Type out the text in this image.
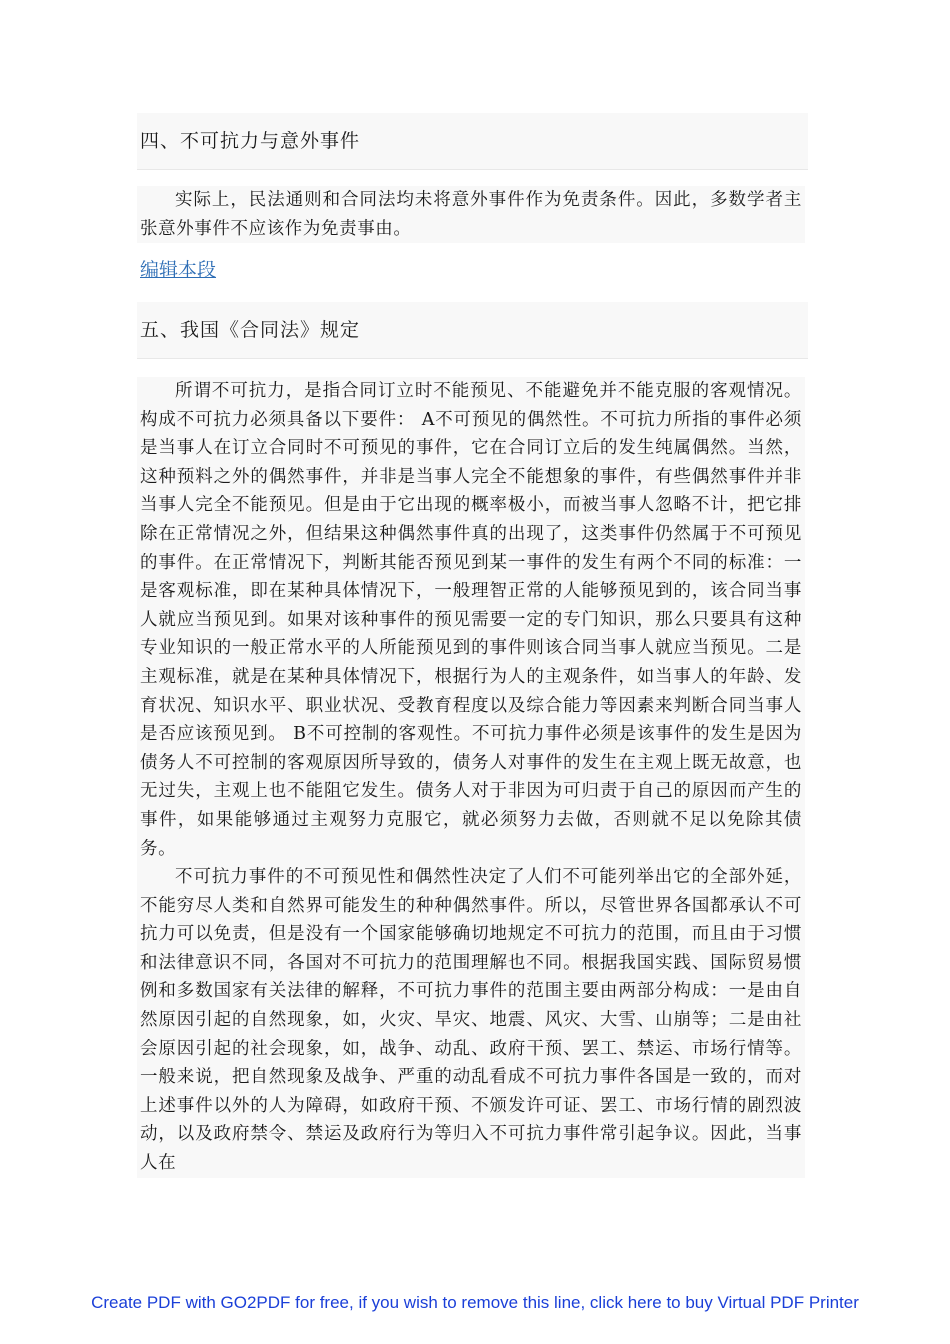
四、不可抗力与意外事件

实际上，民法通则和合同法均未将意外事件作为免责条件。因此，多数学者主张意外事件不应该作为免责事由。

编辑本段
五、我国《合同法》规定

所谓不可抗力，是指合同订立时不能预见、不能避免并不能克服的客观情况。构成不可抗力必须具备以下要件： A不可预见的偶然性。不可抗力所指的事件必须是当事人在订立合同时不可预见的事件，它在合同订立后的发生纯属偶然。当然，这种预料之外的偶然事件，并非是当事人完全不能想象的事件，有些偶然事件并非当事人完全不能预见。但是由于它出现的概率极小，而被当事人忽略不计，把它排除在正常情况之外，但结果这种偶然事件真的出现了，这类事件仍然属于不可预见的事件。在正常情况下，判断其能否预见到某一事件的发生有两个不同的标准：一是客观标准，即在某种具体情况下，一般理智正常的人能够预见到的，该合同当事人就应当预见到。如果对该种事件的预见需要一定的专门知识，那么只要具有这种专业知识的一般正常水平的人所能预见到的事件则该合同当事人就应当预见。二是主观标准，就是在某种具体情况下，根据行为人的主观条件，如当事人的年龄、发育状况、知识水平、职业状况、受教育程度以及综合能力等因素来判断合同当事人是否应该预见到。 B不可控制的客观性。不可抗力事件必须是该事件的发生是因为债务人不可控制的客观原因所导致的，债务人对事件的发生在主观上既无故意，也无过失，主观上也不能阻它发生。债务人对于非因为可归责于自己的原因而产生的事件，如果能够通过主观努力克服它，就必须努力去做，否则就不足以免除其债务。

不可抗力事件的不可预见性和偶然性决定了人们不可能列举出它的全部外延，不能穷尽人类和自然界可能发生的种种偶然事件。所以，尽管世界各国都承认不可抗力可以免责，但是没有一个国家能够确切地规定不可抗力的范围，而且由于习惯和法律意识不同，各国对不可抗力的范围理解也不同。根据我国实践、国际贸易惯例和多数国家有关法律的解释，不可抗力事件的范围主要由两部分构成：一是由自然原因引起的自然现象，如，火灾、旱灾、地震、风灾、大雪、山崩等；二是由社会原因引起的社会现象，如，战争、动乱、政府干预、罢工、禁运、市场行情等。一般来说，把自然现象及战争、严重的动乱看成不可抗力事件各国是一致的，而对上述事件以外的人为障碍，如政府干预、不颁发许可证、罢工、市场行情的剧烈波动，以及政府禁令、禁运及政府行为等归入不可抗力事件常引起争议。因此，当事人在

Create PDF with GO2PDF for free, if you wish to remove this line, click here to buy Virtual PDF Printer
